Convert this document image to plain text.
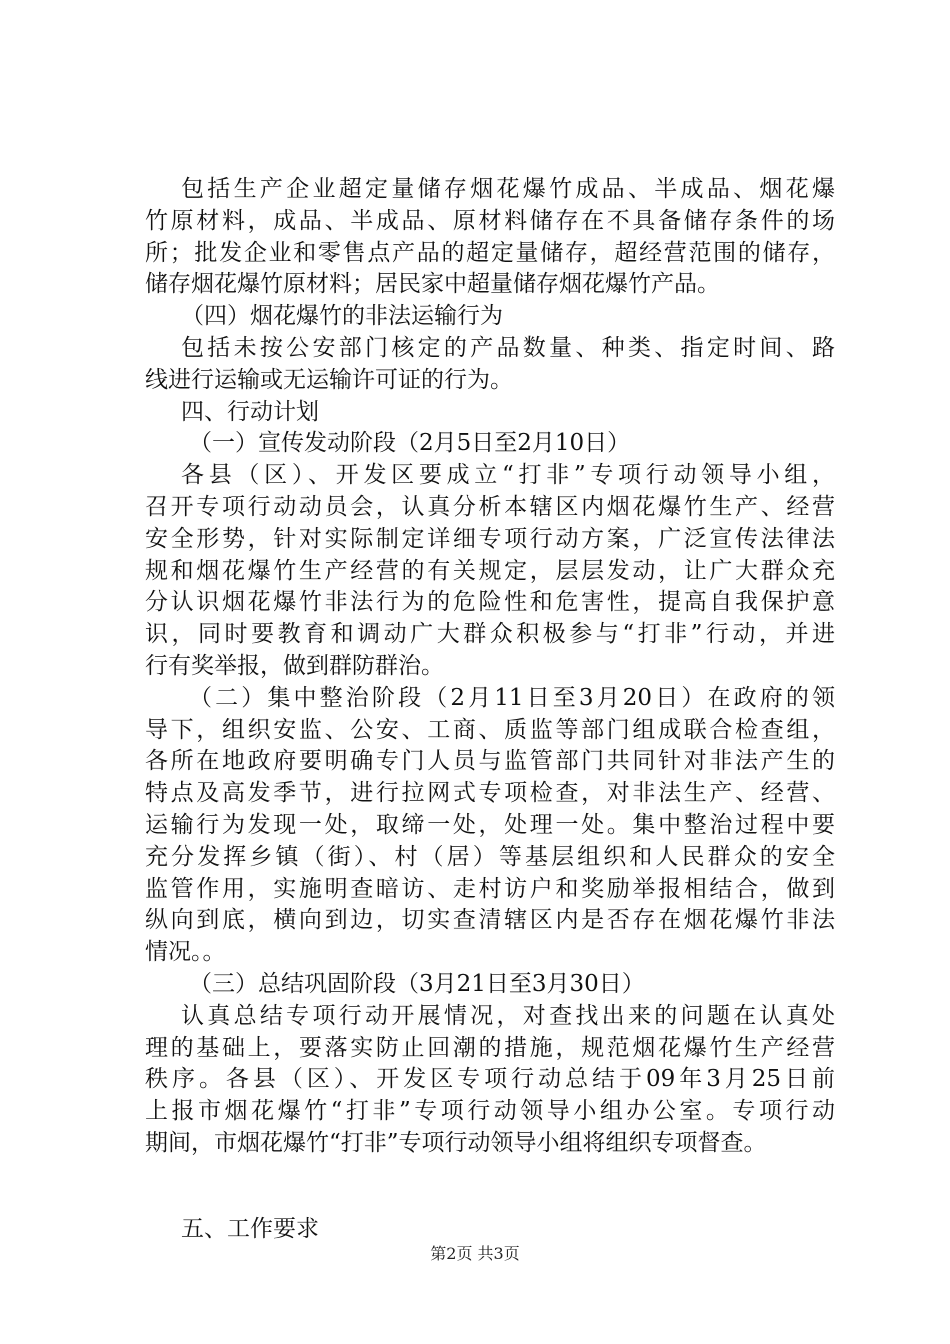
包括生产企业超定量储存烟花爆竹成品、半成品、烟花爆
竹原材料，成品、半成品、原材料储存在不具备储存条件的场
所；批发企业和零售点产品的超定量储存，超经营范围的储存，
储存烟花爆竹原材料；居民家中超量储存烟花爆竹产品。
（四）烟花爆竹的非法运输行为
包括未按公安部门核定的产品数量、种类、指定时间、路
线进行运输或无运输许可证的行为。
四、行动计划
（一）宣传发动阶段（2月5日至2月10日）
各县（区）、开发区要成立“打非”专项行动领导小组，
召开专项行动动员会，认真分析本辖区内烟花爆竹生产、经营
安全形势，针对实际制定详细专项行动方案，广泛宣传法律法
规和烟花爆竹生产经营的有关规定，层层发动，让广大群众充
分认识烟花爆竹非法行为的危险性和危害性，提高自我保护意
识，同时要教育和调动广大群众积极参与“打非”行动，并进
行有奖举报，做到群防群治。
（二）集中整治阶段（2月11日至3月20日）在政府的领
导下，组织安监、公安、工商、质监等部门组成联合检查组，
各所在地政府要明确专门人员与监管部门共同针对非法产生的
特点及高发季节，进行拉网式专项检查，对非法生产、经营、
运输行为发现一处，取缔一处，处理一处。集中整治过程中要
充分发挥乡镇（街）、村（居）等基层组织和人民群众的安全
监管作用，实施明查暗访、走村访户和奖励举报相结合，做到
纵向到底，横向到边，切实查清辖区内是否存在烟花爆竹非法
情况。。
（三）总结巩固阶段（3月21日至3月30日）
认真总结专项行动开展情况，对查找出来的问题在认真处
理的基础上，要落实防止回潮的措施，规范烟花爆竹生产经营
秩序。各县（区）、开发区专项行动总结于09年3月25日前
上报市烟花爆竹“打非”专项行动领导小组办公室。专项行动
期间，市烟花爆竹“打非”专项行动领导小组将组织专项督查。
五、工作要求
第2页 共3页
